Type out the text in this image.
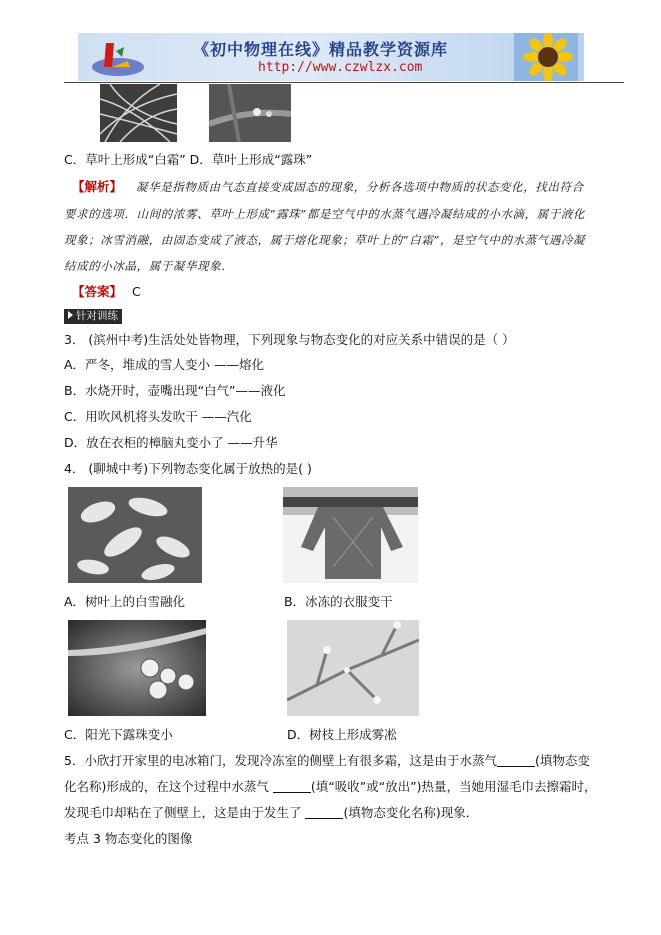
《初中物理在线》精品教学资源库
http://www.czwlzx.com
C．草叶上形成“白霜” D．草叶上形成“露珠”
【解析】 凝华是指物质由气态直接变成固态的现象，分析各选项中物质的状态变化，找出符合
要求的选项．山间的浓雾、草叶上形成“露珠”都是空气中的水蒸气遇冷凝结成的小水滴，属于液化
现象；冰雪消融，由固态变成了液态，属于熔化现象；草叶上的“白霜”，是空气中的水蒸气遇冷凝
结成的小冰晶，属于凝华现象．
【答案】 C
针对训练
3． (滨州中考)生活处处皆物理，下列现象与物态变化的对应关系中错误的是（ ）
A．严冬，堆成的雪人变小 ——熔化
B．水烧开时，壶嘴出现“白气”——液化
C．用吹风机将头发吹干 ——汽化
D．放在衣柜的樟脑丸变小了 ——升华
4． (聊城中考)下列物态变化属于放热的是( )
A．树叶上的白雪融化	B．冰冻的衣服变干
C．阳光下露珠变小	D．树枝上形成雾凇
5．小欣打开家里的电冰箱门，发现冷冻室的侧壁上有很多霜，这是由于水蒸气	(填物态变
化名称)形成的，在这个过程中水蒸气	(填“吸收”或“放出”)热量，当她用湿毛巾去擦霜时，
发现毛巾却粘在了侧壁上，这是由于发生了	(填物态变化名称)现象．
考点 3 物态变化的图像
